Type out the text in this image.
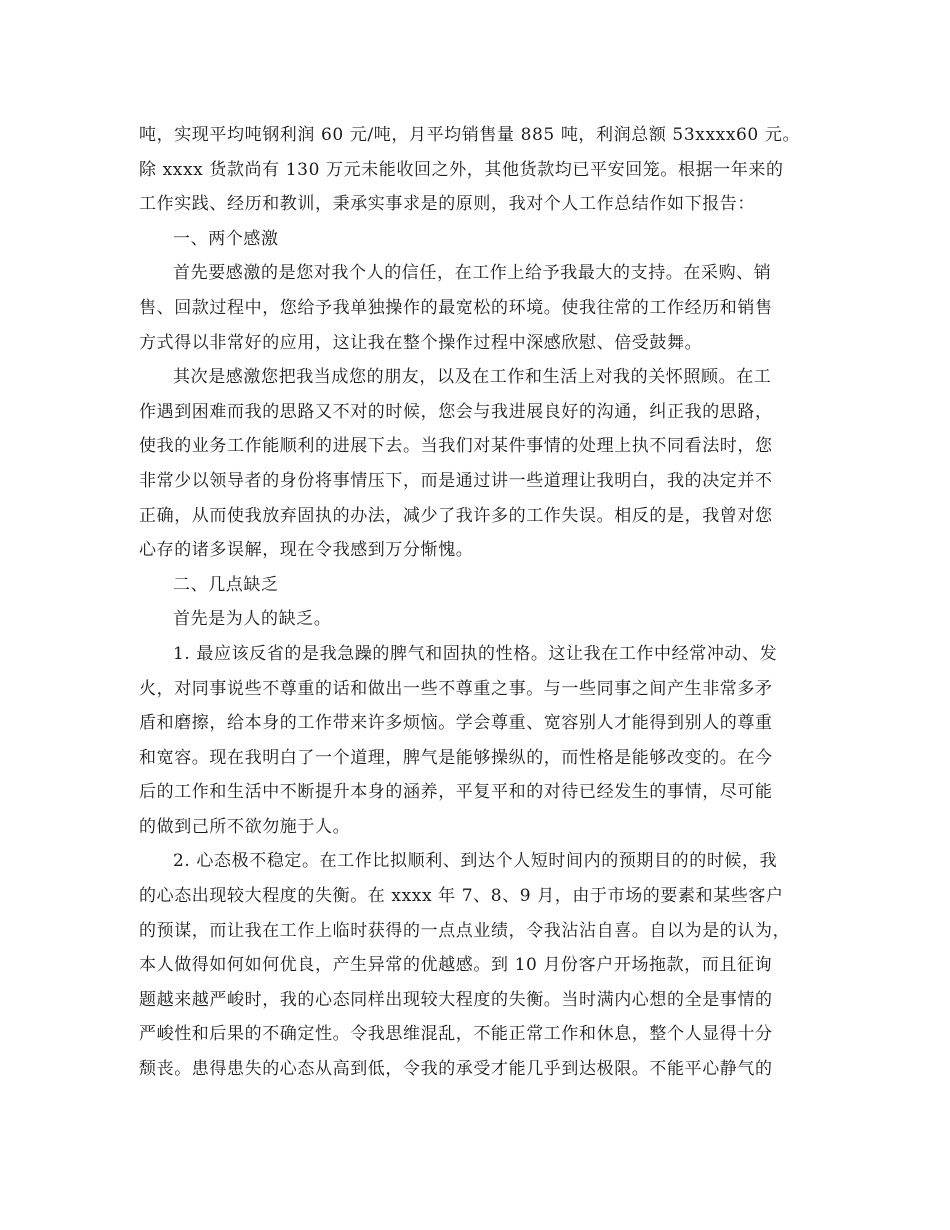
吨，实现平均吨钢利润 60 元/吨，月平均销售量 885 吨，利润总额 53xxxx60 元。
除 xxxx 货款尚有 130 万元未能收回之外，其他货款均已平安回笼。根据一年来的
工作实践、经历和教训，秉承实事求是的原则，我对个人工作总结作如下报告：
一、两个感激
首先要感激的是您对我个人的信任，在工作上给予我最大的支持。在采购、销
售、回款过程中，您给予我单独操作的最宽松的环境。使我往常的工作经历和销售
方式得以非常好的应用，这让我在整个操作过程中深感欣慰、倍受鼓舞。
其次是感激您把我当成您的朋友，以及在工作和生活上对我的关怀照顾。在工
作遇到困难而我的思路又不对的时候，您会与我进展良好的沟通，纠正我的思路，
使我的业务工作能顺利的进展下去。当我们对某件事情的处理上执不同看法时，您
非常少以领导者的身份将事情压下，而是通过讲一些道理让我明白，我的决定并不
正确，从而使我放弃固执的办法，减少了我许多的工作失误。相反的是，我曾对您
心存的诸多误解，现在令我感到万分惭愧。
二、几点缺乏
首先是为人的缺乏。
1. 最应该反省的是我急躁的脾气和固执的性格。这让我在工作中经常冲动、发
火，对同事说些不尊重的话和做出一些不尊重之事。与一些同事之间产生非常多矛
盾和磨擦，给本身的工作带来许多烦恼。学会尊重、宽容别人才能得到别人的尊重
和宽容。现在我明白了一个道理，脾气是能够操纵的，而性格是能够改变的。在今
后的工作和生活中不断提升本身的涵养，平复平和的对待已经发生的事情，尽可能
的做到己所不欲勿施于人。
2. 心态极不稳定。在工作比拟顺利、到达个人短时间内的预期目的的时候，我
的心态出现较大程度的失衡。在 xxxx 年 7、8、9 月，由于市场的要素和某些客户
的预谋，而让我在工作上临时获得的一点点业绩，令我沾沾自喜。自以为是的认为，
本人做得如何如何优良，产生异常的优越感。到 10 月份客户开场拖款，而且征询
题越来越严峻时，我的心态同样出现较大程度的失衡。当时满内心想的全是事情的
严峻性和后果的不确定性。令我思维混乱，不能正常工作和休息，整个人显得十分
颓丧。患得患失的心态从高到低，令我的承受才能几乎到达极限。不能平心静气的
